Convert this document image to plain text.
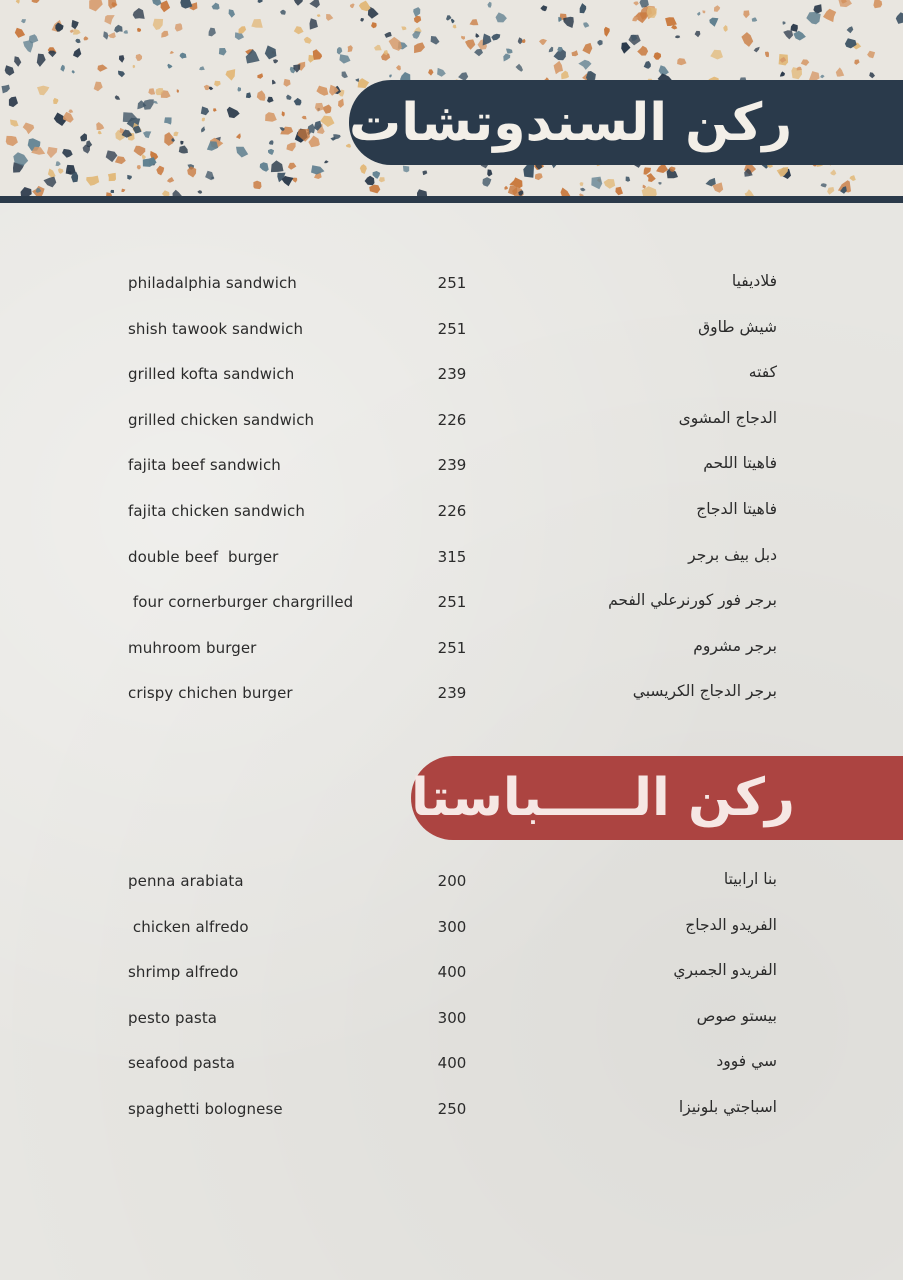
ركن السندوتشات
philadalphia sandwich	251	فلاديفيا
shish tawook sandwich	251	شيش طاوق
grilled kofta sandwich	239	كفته
grilled chicken sandwich	226	الدجاج المشوى
fajita beef sandwich	239	فاهيتا اللحم
fajita chicken sandwich	226	فاهيتا الدجاج
double beef  burger	315	دبل بيف برجر
four cornerburger chargrilled	251	برجر فور كورنرعلي الفحم
muhroom burger	251	برجر مشروم
crispy chichen burger	239	برجر الدجاج الكريسبي
ركن الـــــباستا
penna arabiata	200	بنا ارابيتا
chicken alfredo	300	الفريدو الدجاج
shrimp alfredo	400	الفريدو الجمبري
pesto pasta	300	بيستو صوص
seafood pasta	400	سي فوود
spaghetti bolognese	250	اسباجتي بلونيزا
